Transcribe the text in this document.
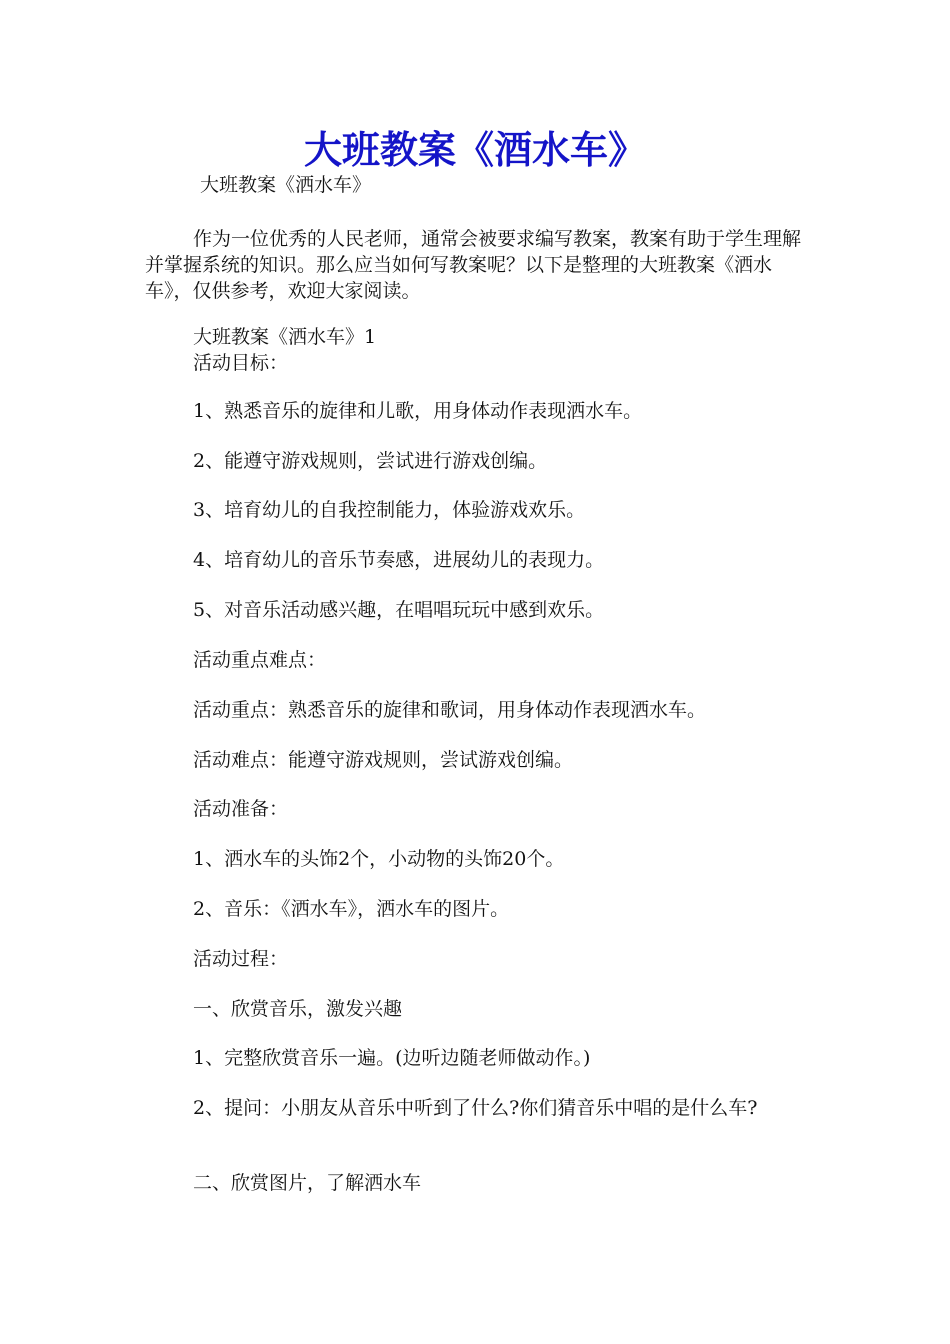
大班教案《酒水车》

大班教案《洒水车》

作为一位优秀的人民老师，通常会被要求编写教案，教案有助于学生理解并掌握系统的知识。那么应当如何写教案呢？以下是整理的大班教案《洒水车》，仅供参考，欢迎大家阅读。

大班教案《洒水车》1

活动目标：

1、熟悉音乐的旋律和儿歌，用身体动作表现洒水车。

2、能遵守游戏规则，尝试进行游戏创编。

3、培育幼儿的自我控制能力，体验游戏欢乐。

4、培育幼儿的音乐节奏感，进展幼儿的表现力。

5、对音乐活动感兴趣，在唱唱玩玩中感到欢乐。

活动重点难点：

活动重点：熟悉音乐的旋律和歌词，用身体动作表现洒水车。

活动难点：能遵守游戏规则，尝试游戏创编。

活动准备：

1、洒水车的头饰2个，小动物的头饰20个。

2、音乐：《洒水车》，洒水车的图片。

活动过程：

一、欣赏音乐，激发兴趣

1、完整欣赏音乐一遍。(边听边随老师做动作。)

2、提问：小朋友从音乐中听到了什么?你们猜音乐中唱的是什么车?

二、欣赏图片，了解洒水车
